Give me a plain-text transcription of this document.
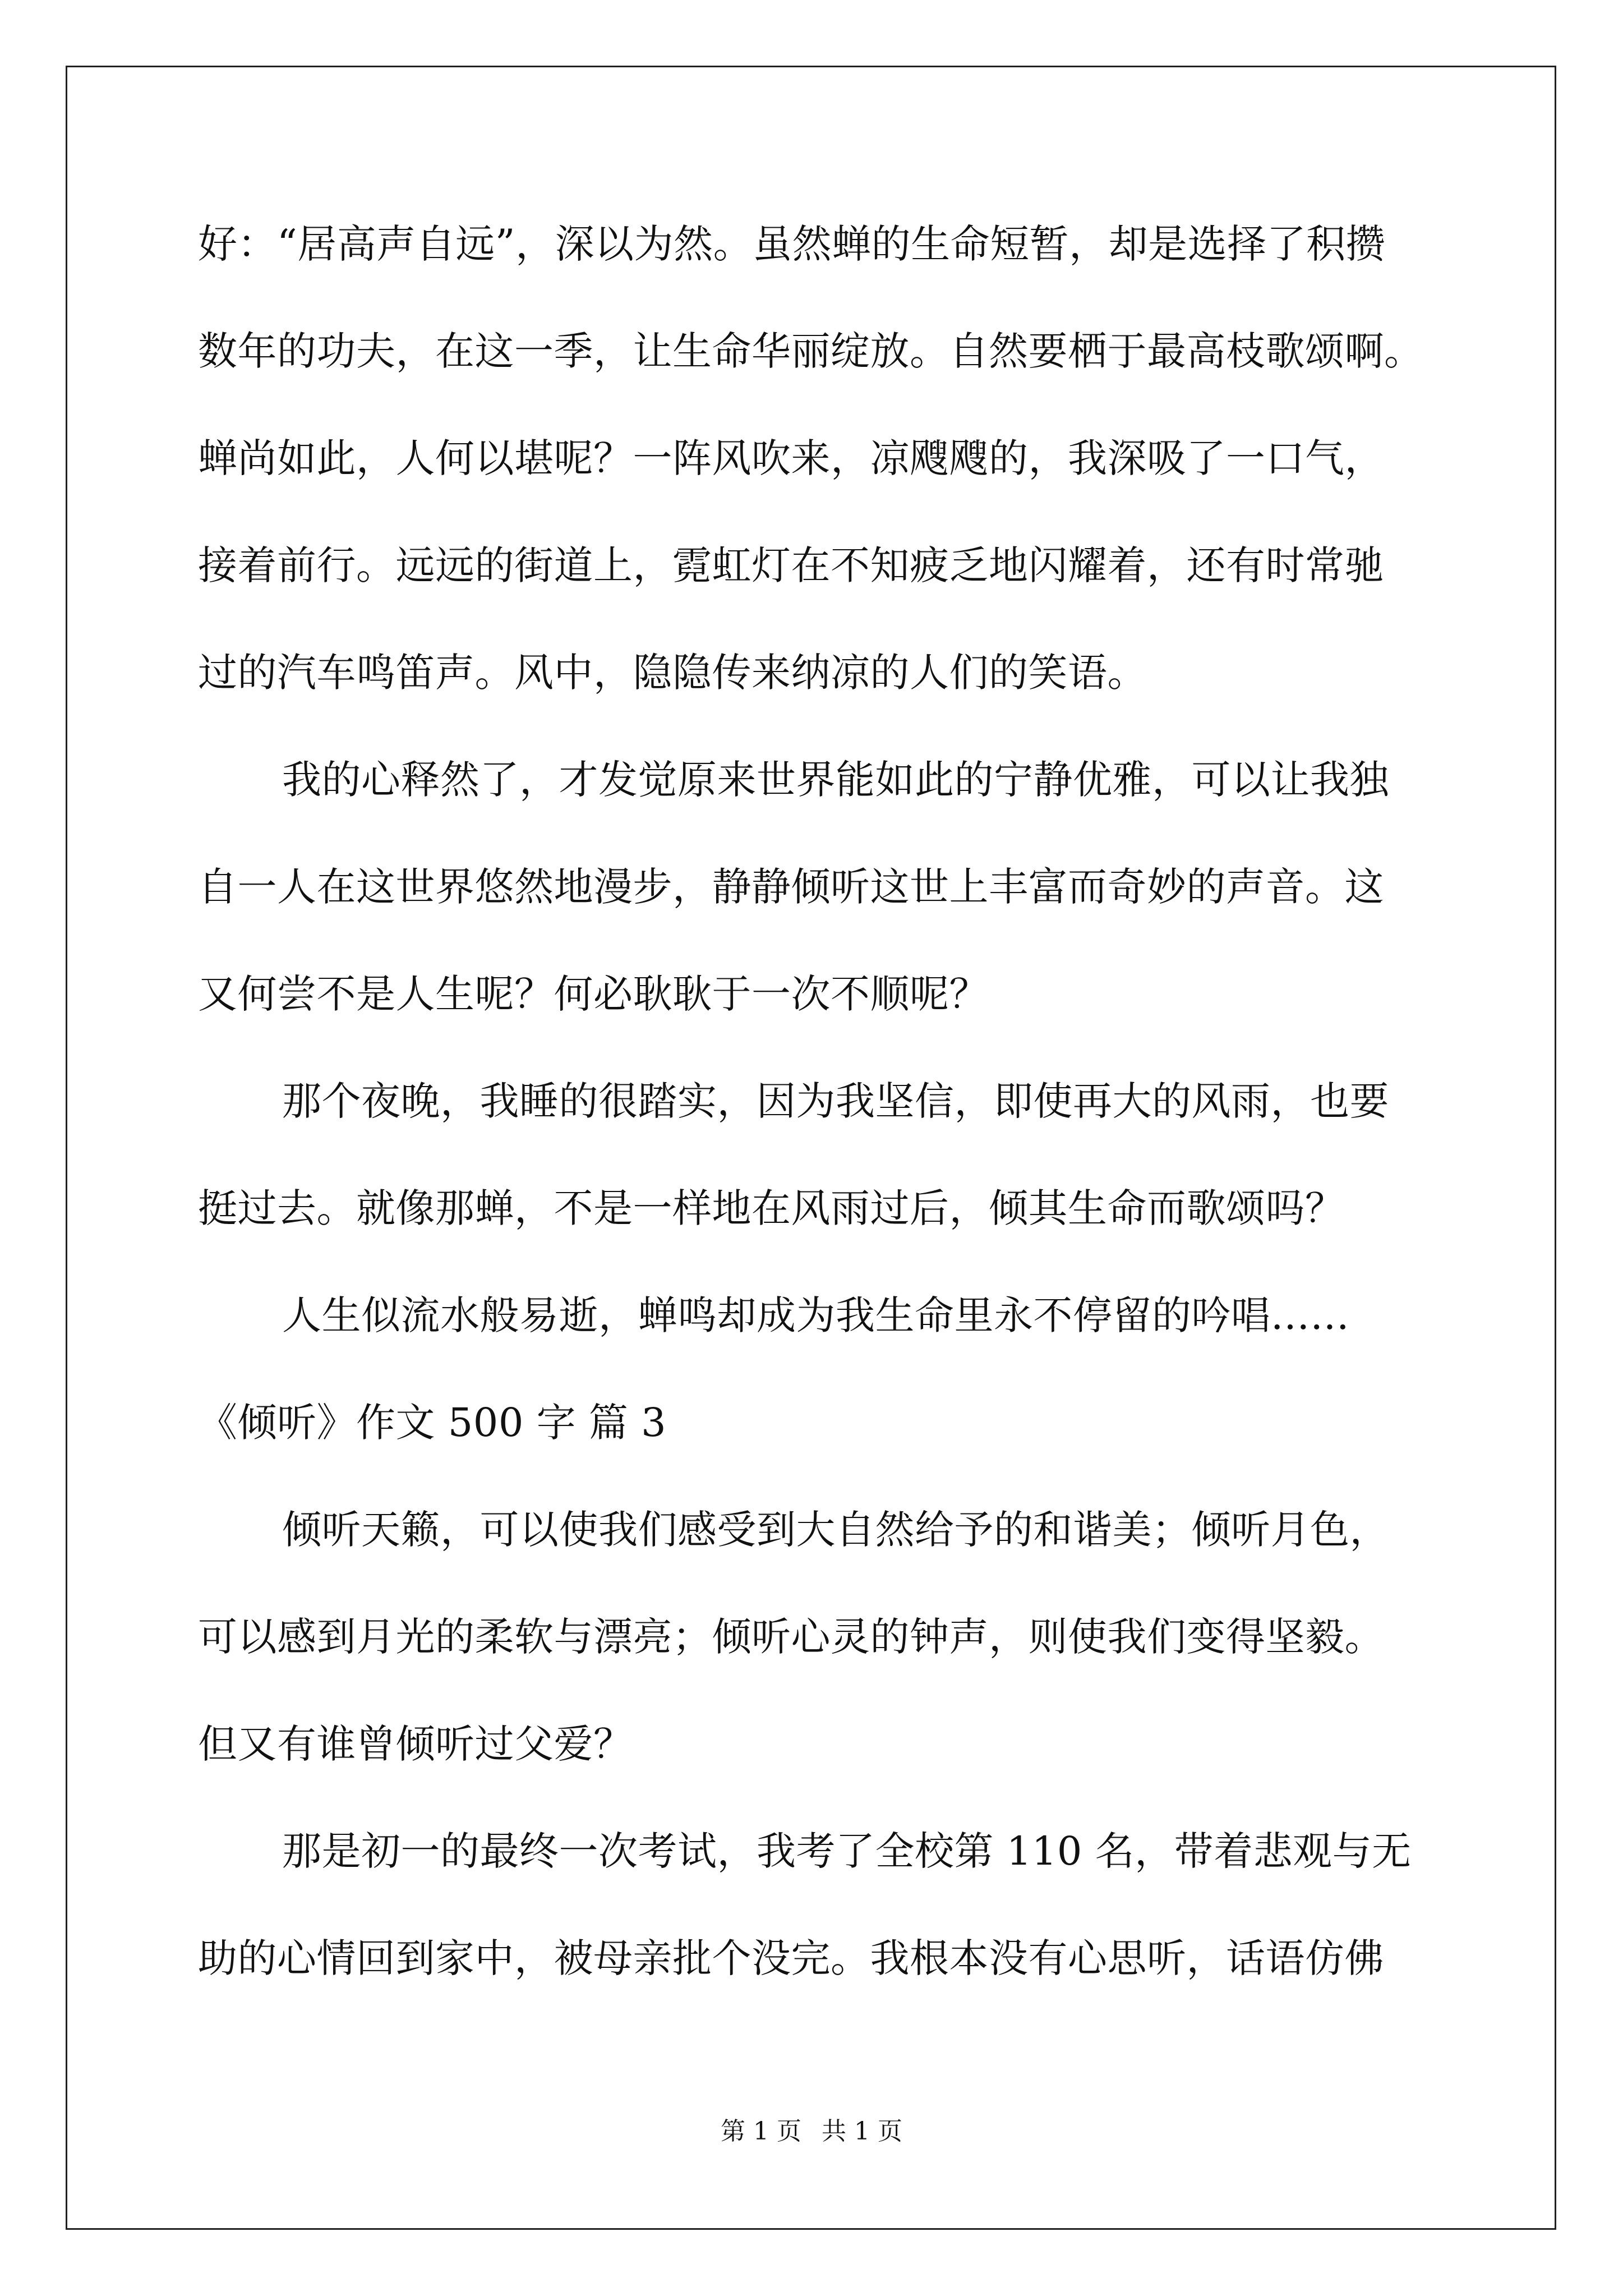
好：“居高声自远”，深以为然。虽然蝉的生命短暂，却是选择了积攒
数年的功夫，在这一季，让生命华丽绽放。自然要栖于最高枝歌颂啊。
蝉尚如此，人何以堪呢？一阵风吹来，凉飕飕的，我深吸了一口气，
接着前行。远远的街道上，霓虹灯在不知疲乏地闪耀着，还有时常驰
过的汽车鸣笛声。风中，隐隐传来纳凉的人们的笑语。
我的心释然了，才发觉原来世界能如此的宁静优雅，可以让我独
自一人在这世界悠然地漫步，静静倾听这世上丰富而奇妙的声音。这
又何尝不是人生呢？何必耿耿于一次不顺呢？
那个夜晚，我睡的很踏实，因为我坚信，即使再大的风雨，也要
挺过去。就像那蝉，不是一样地在风雨过后，倾其生命而歌颂吗？
人生似流水般易逝，蝉鸣却成为我生命里永不停留的吟唱……
《倾听》作文 500 字 篇 3
倾听天籁，可以使我们感受到大自然给予的和谐美；倾听月色，
可以感到月光的柔软与漂亮；倾听心灵的钟声，则使我们变得坚毅。
但又有谁曾倾听过父爱？
那是初一的最终一次考试，我考了全校第 110 名，带着悲观与无
助的心情回到家中，被母亲批个没完。我根本没有心思听，话语仿佛
第 1 页 共 1 页
